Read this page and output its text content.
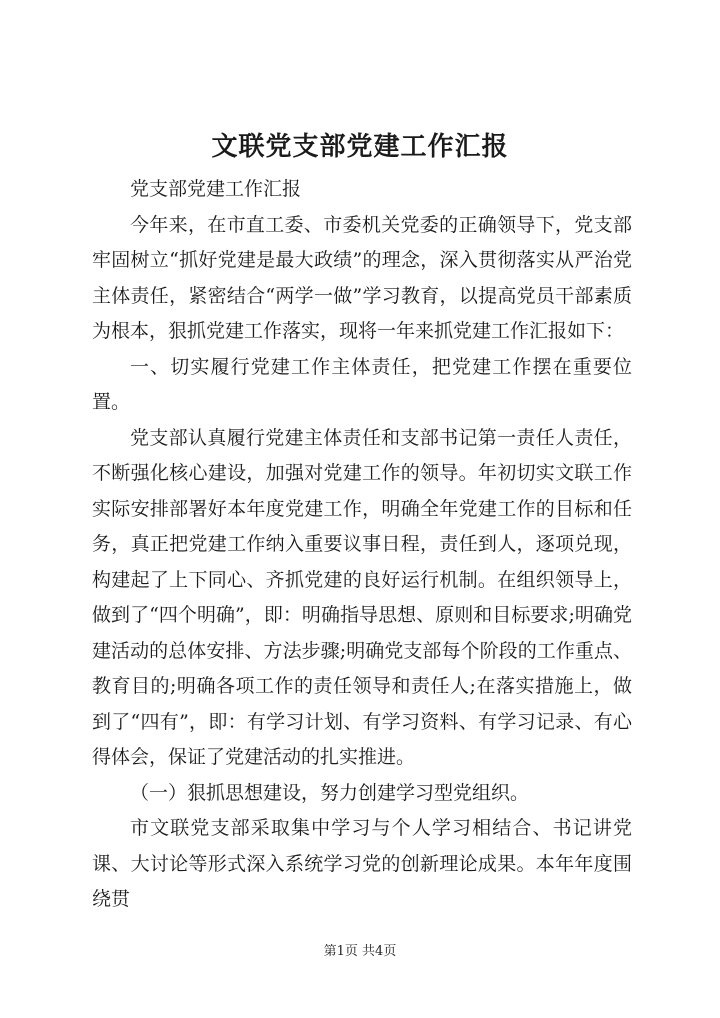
文联党支部党建工作汇报

党支部党建工作汇报

今年来，在市直工委、市委机关党委的正确领导下，党支部牢固树立“抓好党建是最大政绩”的理念，深入贯彻落实从严治党主体责任，紧密结合“两学一做”学习教育，以提高党员干部素质为根本，狠抓党建工作落实，现将一年来抓党建工作汇报如下：

一、切实履行党建工作主体责任，把党建工作摆在重要位置。

党支部认真履行党建主体责任和支部书记第一责任人责任，不断强化核心建设，加强对党建工作的领导。年初切实文联工作实际安排部署好本年度党建工作，明确全年党建工作的目标和任务，真正把党建工作纳入重要议事日程，责任到人，逐项兑现，构建起了上下同心、齐抓党建的良好运行机制。在组织领导上，做到了“四个明确”，即：明确指导思想、原则和目标要求;明确党建活动的总体安排、方法步骤;明确党支部每个阶段的工作重点、教育目的;明确各项工作的责任领导和责任人;在落实措施上，做到了“四有”，即：有学习计划、有学习资料、有学习记录、有心得体会，保证了党建活动的扎实推进。

（一）狠抓思想建设，努力创建学习型党组织。

市文联党支部采取集中学习与个人学习相结合、书记讲党课、大讨论等形式深入系统学习党的创新理论成果。本年年度围绕贯

第1页 共4页
